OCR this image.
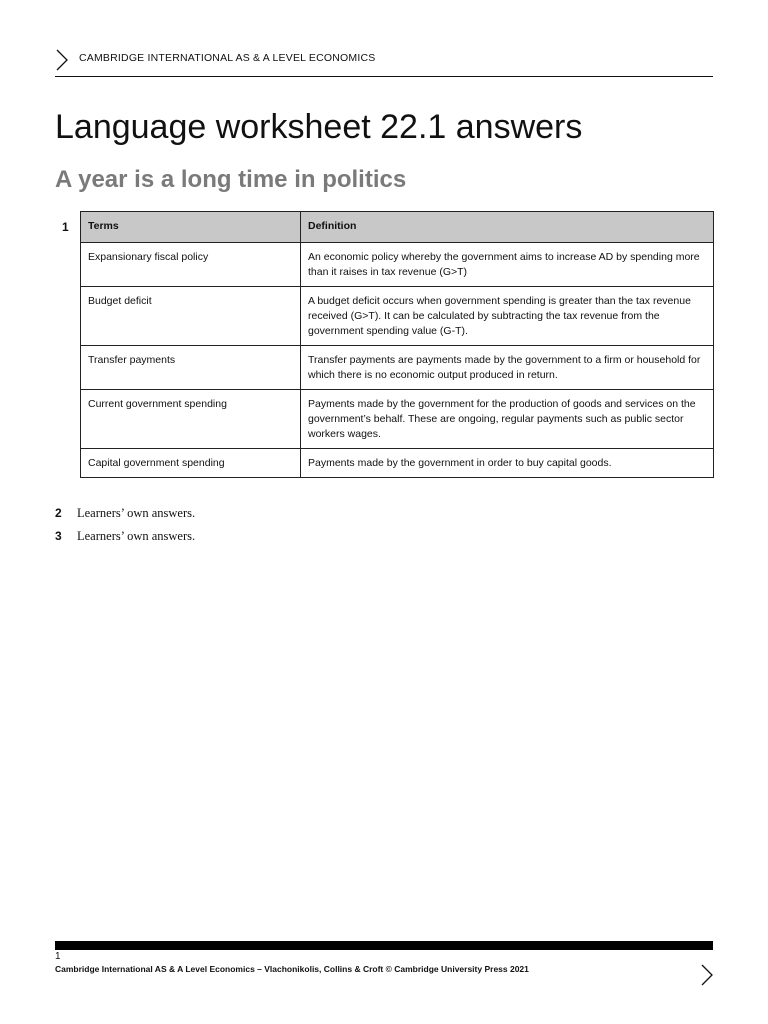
CAMBRIDGE INTERNATIONAL AS & A LEVEL ECONOMICS
Language worksheet 22.1 answers
A year is a long time in politics
1 Terms	Definition
Expansionary fiscal policy	An economic policy whereby the government aims to increase AD by spending more than it raises in tax revenue (G>T)
Budget deficit	A budget deficit occurs when government spending is greater than the tax revenue received (G>T). It can be calculated by subtracting the tax revenue from the government spending value (G-T).
Transfer payments	Transfer payments are payments made by the government to a firm or household for which there is no economic output produced in return.
Current government spending	Payments made by the government for the production of goods and services on the government’s behalf. These are ongoing, regular payments such as public sector workers wages.
Capital government spending	Payments made by the government in order to buy capital goods.
2 Learners’ own answers.
3 Learners’ own answers.
1
Cambridge International AS & A Level Economics – Vlachonikolis, Collins & Croft © Cambridge University Press 2021
